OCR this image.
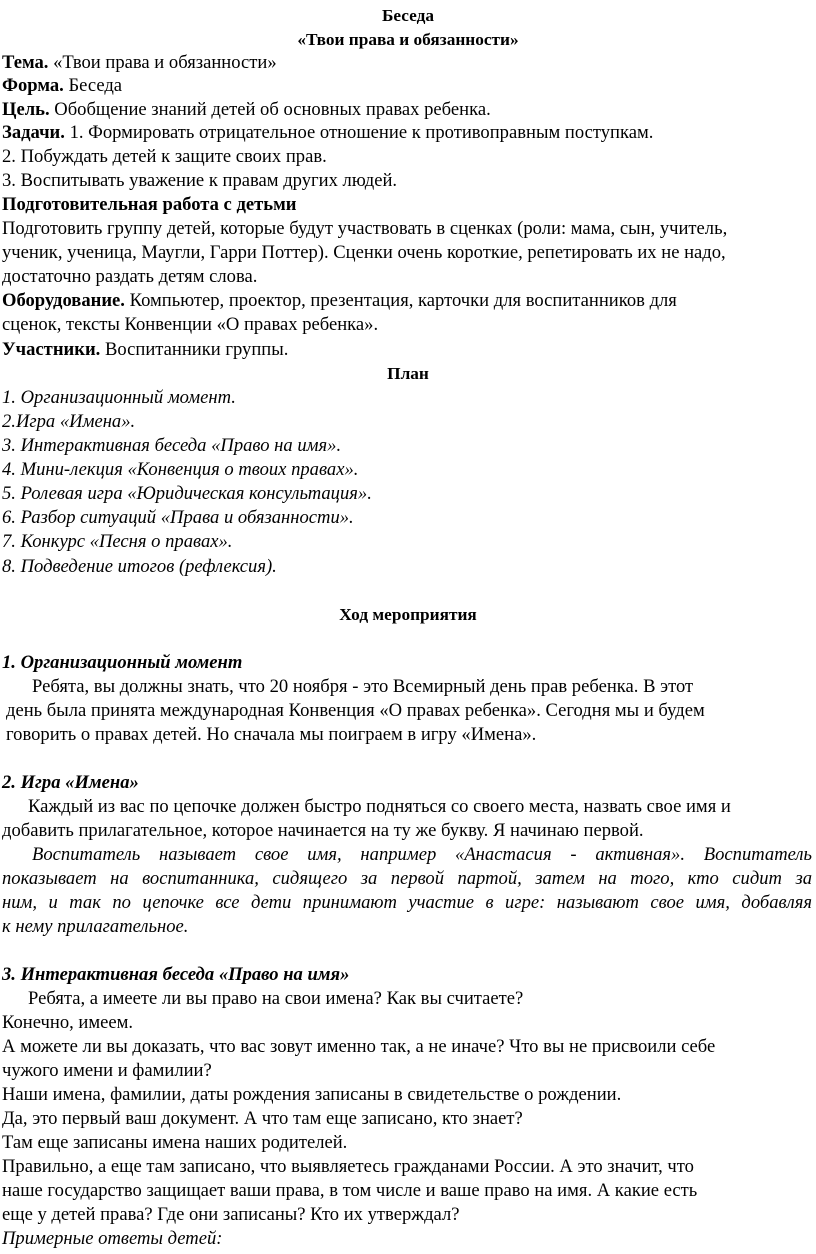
Беседа
«Твои права и обязанности»
Тема. «Твои права и обязанности»
Форма. Беседа
Цель. Обобщение знаний детей об основных правах ребенка.
Задачи. 1. Формировать отрицательное отношение к противоправным поступкам.
2. Побуждать детей к защите своих прав.
3. Воспитывать уважение к правам других людей.
Подготовительная работа с детьми
Подготовить группу детей, которые будут участвовать в сценках (роли: мама, сын, учитель,
ученик, ученица, Маугли, Гарри Поттер). Сценки очень короткие, репетировать их не надо,
достаточно раздать детям слова.
Оборудование. Компьютер, проектор, презентация, карточки для воспитанников для
сценок, тексты Конвенции «О правах ребенка».
Участники. Воспитанники группы.
План
1. Организационный момент.
2.Игра «Имена».
3. Интерактивная беседа «Право на имя».
4. Мини-лекция «Конвенция о твоих правах».
5. Ролевая игра «Юридическая консультация».
6. Разбор ситуаций «Права и обязанности».
7. Конкурс «Песня о правах».
8. Подведение итогов (рефлексия).
Ход мероприятия
1. Организационный момент
Ребята, вы должны знать, что 20 ноября - это Всемирный день прав ребенка. В этот
день была принята международная Конвенция «О правах ребенка». Сегодня мы и будем
говорить о правах детей. Но сначала мы поиграем в игру «Имена».
2. Игра «Имена»
Каждый из вас по цепочке должен быстро подняться со своего места, назвать свое имя и
добавить прилагательное, которое начинается на ту же букву. Я начинаю первой.
Воспитатель называет свое имя, например «Анастасия - активная». Воспитатель
показывает на воспитанника, сидящего за первой партой, затем на того, кто сидит за
ним, и так по цепочке все дети принимают участие в игре: называют свое имя, добавляя
к нему прилагательное.
3. Интерактивная беседа «Право на имя»
Ребята, а имеете ли вы право на свои имена? Как вы считаете?
Конечно, имеем.
А можете ли вы доказать, что вас зовут именно так, а не иначе? Что вы не присвоили себе
чужого имени и фамилии?
Наши имена, фамилии, даты рождения записаны в свидетельстве о рождении.
Да, это первый ваш документ. А что там еще записано, кто знает?
Там еще записаны имена наших родителей.
Правильно, а еще там записано, что выявляетесь гражданами России. А это значит, что
наше государство защищает ваши права, в том числе и ваше право на имя. А какие есть
еще у детей права? Где они записаны? Кто их утверждал?
Примерные ответы детей:
